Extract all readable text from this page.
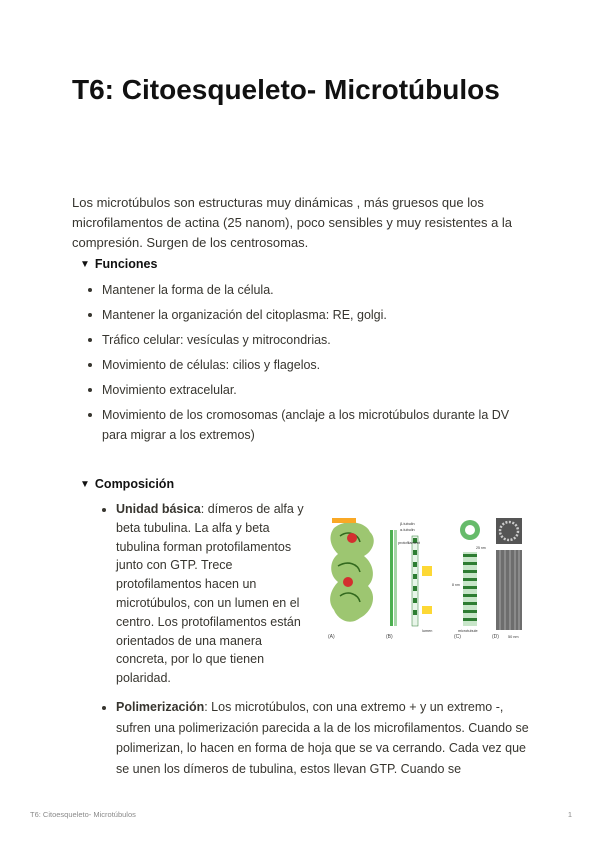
T6: Citoesqueleto- Microtúbulos

Los microtúbulos son estructuras muy dinámicas , más gruesos que los microfilamentos de actina (25 nanom), poco sensibles y muy resistentes a la compresión. Surgen de los centrosomas.

▼ Funciones
Mantener la forma de la célula.
Mantener la organización del citoplasma: RE, golgi.
Tráfico celular: vesículas y mitrocondrias.
Movimiento de células: cilios y flagelos.
Movimiento extracelular.
Movimiento de los cromosomas (anclaje a los microtúbulos durante la DV para migrar a los extremos)
▼ Composición
Unidad básica: dímeros de alfa y beta tubulina. La alfa y beta tubulina forman protofilamentos junto con GTP. Trece protofilamentos hacen un microtúbulos, con un lumen en el centro. Los protofilamentos están orientados de una manera concreta, por lo que tienen polaridad.
(A)
β-tubulin
α-tubulin
protofilament
lumen
(B)
25 nm
8 nm
microtubule
(C)	50 nm
(D)
Polimerización: Los microtúbulos, con una extremo + y un extremo -, sufren una polimerización parecida a la de los microfilamentos. Cuando se polimerizan, lo hacen en forma de hoja que se va cerrando. Cada vez que se unen los dímeros de tubulina, estos llevan GTP. Cuando se
T6: Citoesqueleto- Microtúbulos	1
